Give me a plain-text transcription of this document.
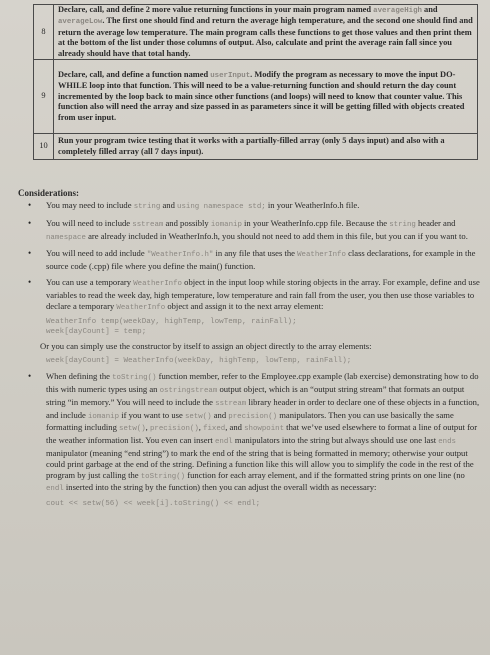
8	Declare, call, and define 2 more value returning functions in your main program named averageHigh and averageLow. The first one should find and return the average high temperature, and the second one should find and return the average low temperature. The main program calls these functions to get those values and then print them at the bottom of the list under those columns of output. Also, calculate and print the average rain fall since you already should have that total handy.
9	Declare, call, and define a function named userInput. Modify the program as necessary to move the input DO-WHILE loop into that function. This will need to be a value-returning function and should return the day count incremented by the loop back to main since other functions (and loops) will need to know that counter value. This function also will need the array and size passed in as parameters since it will be getting filled with objects created from user input.
10	Run your program twice testing that it works with a partially-filled array (only 5 days input) and also with a completely filled array (all 7 days input).
Considerations:
• You may need to include string and using namespace std; in your WeatherInfo.h file.
• You will need to include sstream and possibly iomanip in your WeatherInfo.cpp file. Because the string header and namespace are already included in WeatherInfo.h, you should not need to add them in this file, but you can if you want to.
• You will need to add include "WeatherInfo.h" in any file that uses the WeatherInfo class declarations, for example in the source code (.cpp) file where you define the main() function.
• You can use a temporary WeatherInfo object in the input loop while storing objects in the array. For example, define and use variables to read the week day, high temperature, low temperature and rain fall from the user, you then use those variables to declare a temporary WeatherInfo object and assign it to the next array element:
WeatherInfo temp(weekDay, highTemp, lowTemp, rainFall);
week[dayCount] = temp;
Or you can simply use the constructor by itself to assign an object directly to the array elements:
week[dayCount] = WeatherInfo(weekDay, highTemp, lowTemp, rainFall);
• When defining the toString() function member, refer to the Employee.cpp example (lab exercise) demonstrating how to do this with numeric types using an ostringstream output object, which is an “output string stream” that formats an output string “in memory.” You will need to include the sstream library header in order to declare one of these objects in a function, and include iomanip if you want to use setw() and precision() manipulators. Then you can use basically the same formatting including setw(), precision(), fixed, and showpoint that we’ve used elsewhere to format a line of output for the weather information list. You even can insert endl manipulators into the string but always should use one last ends manipulator (meaning “end string”) to mark the end of the string that is being formatted in memory; otherwise your output could print garbage at the end of the string. Defining a function like this will allow you to simplify the code in the rest of the program by just calling the toString() function for each array element, and if the formatted string prints on one line (no endl inserted into the string by the function) then you can adjust the overall width as necessary:
cout << setw(56) << week[i].toString() << endl;
